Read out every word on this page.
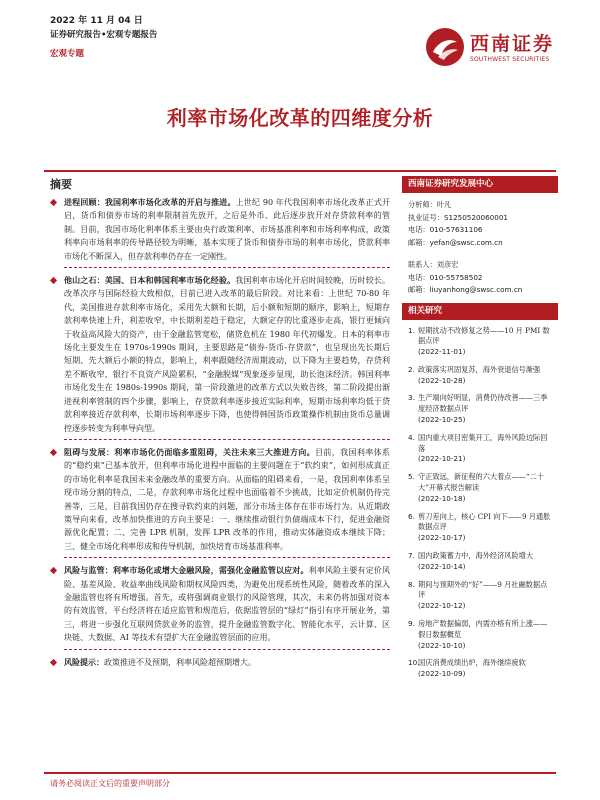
2022 年 11 月 04 日
证券研究报告•宏观专题报告
宏观专题	西南证券
SOUTHWEST SECURITIES
利率市场化改革的四维度分析
摘要
进程回顾：我国利率市场化改革的开启与推进。上世纪 90 年代我国利率市场化改革正式开启，货币和债券市场的利率限制首先放开，之后是外币、此后逐步放开对存贷款利率的管制。目前，我国市场化利率体系主要由央行政策利率、市场基准利率和市场利率构成，政策利率向市场利率的传导路径较为明晰，基本实现了货币和债券市场的利率市场化，贷款利率市场化不断深入，但存款利率仍存在一定刚性。
他山之石：美国、日本和韩国利率市场化经验。我国利率市场化开启时间较晚，历时较长。改革次序与国际经验大致相似，目前已进入改革的最后阶段。对比来看：上世纪 70-80 年代，美国推进存款利率市场化，采用先大额和长期，后小额和短期的顺序，影响上，短期存款利率快速上升，利差收窄，中长期利差趋于稳定，大额定存的比重逐步走高，银行更倾向于收益高风险大的资产，由于金融监管宽松，储贷危机在 1980 年代初爆发。日本的利率市场化主要发生在 1970s-1990s 期间，主要思路是“债券-货币-存贷款”，也呈现出先长期后短期、先大额后小额的特点，影响上，利率跟随经济周期波动，以下降为主要趋势，存贷利差不断收窄，银行不良资产风险累积，“金融脱媒”现象逐步显现，助长泡沫经济。韩国利率市场化发生在 1980s-1990s 期间，第一阶段激进的改革方式以失败告终，第二阶段提出渐进视利率管制的四个步骤，影响上，存贷款利率逐步接近实际利率，短期市场利率均低于贷款利率接近存款利率，长期市场利率逐步下降，也使得韩国货币政策操作机制由货币总量调控逐步转变为利率导向型。
阻碍与发展：利率市场化仍面临多重阻碍，关注未来三大推进方向。目前，我国利率体系的“稳约束”已基本放开，但利率市场化进程中面临的主要问题在于“软约束”，如何形成真正的市场化利率是我国未来金融改革的重要方向。从面临的阻碍来看，一是，我国利率体系呈现市场分割的特点，二是，存款利率市场化过程中也面临着不少挑战，比如定价机制仍待完善等，三是，目前我国仍存在搜寻软约束的问题，部分市场主体存在非市场行为。从近期政策导向来看，改革加快推进的方向主要是：一、继续推动银行负债端成本下行，促进金融资源优化配置；二、完善 LPR 机制，发挥 LPR 改革的作用，推动实体融资成本继续下降；三、健全市场化利率形成和传导机制，加快培育市场基准利率。
风险与监管：利率市场化或增大金融风险，需强化金融监管以应对。利率风险主要有定价风险、基差风险、收益率曲线风险和期权风险四类，为避免出现系统性风险，随着改革的深入金融监管也将有所增强。首先，或将强调商业银行的风险管理，其次，未来仍将加强对资本的有效监管，平台经济将在适应监管和规范后，依据监管层的“绿灯”指引有序开展业务，第三，将进一步强化互联网贷款业务的监管，提升金融监管数字化、智能化水平，云计算、区块链、大数据、AI 等技术有望扩大在金融监管层面的应用。
风险提示：政策推进不及预期，利率风险超预期增大。
西南证券研究发展中心
分析师：叶凡
执业证号：S1250520060001
电话：010-57631106
邮箱：yefan@swsc.com.cn
联系人：刘彦宏
电话：010-55758502
邮箱：liuyanhong@swsc.com.cn
相关研究
1. 短期扰动不改修复之势——10 月 PMI 数据点评
(2022-11-01)
2. 政策落实巩固复苏，海外衰退信号渐强
(2022-10-28)
3. 生产端向好明显，消费仍待改善——三季度经济数据点评
(2022-10-25)
4. 国内重大项目密集开工，海外风险边际回落
(2022-10-21)
5. 守正致远，新征程的六大着点——“二十大”开幕式报告解读
(2022-10-18)
6. 剪刀差向上，核心 CPI 向下——9 月通胀数据点评
(2022-10-17)
7. 国内政策蓄力中，海外经济风险增大
(2022-10-14)
8. 期间与预期外的“好”——9 月社融数据点评
(2022-10-12)
9. 房地产数据偏弱，内需亦格有所上涨——假日数据概览
(2022-10-10)
10.
国庆消费成绩出炉，海外继续疲软
(2022-10-09)
请务必阅读正文后的重要声明部分
